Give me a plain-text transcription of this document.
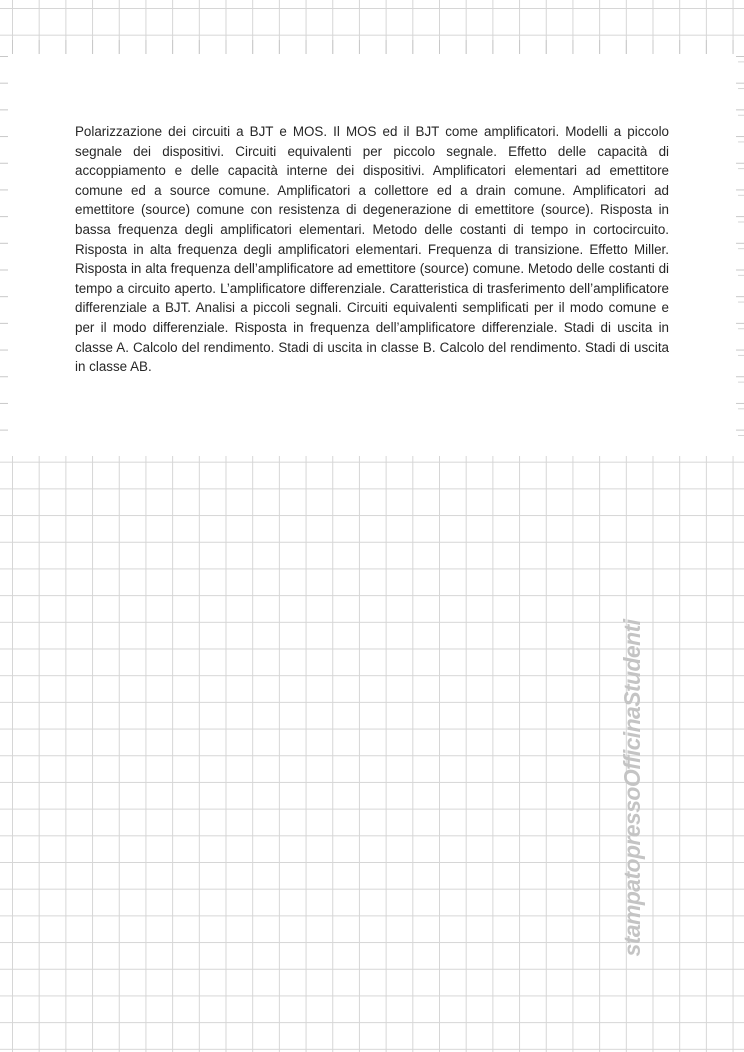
Polarizzazione dei circuiti a BJT e MOS. Il MOS ed il BJT come amplificatori. Modelli a piccolo segnale dei dispositivi. Circuiti equivalenti per piccolo segnale. Effetto delle capacità di accoppiamento e delle capacità interne dei dispositivi. Amplificatori elementari ad emettitore comune ed a source comune. Amplificatori a collettore ed a drain comune. Amplificatori ad emettitore (source) comune con resistenza di degenerazione di emettitore (source). Risposta in bassa frequenza degli amplificatori elementari. Metodo delle costanti di tempo in cortocircuito. Risposta in alta frequenza degli amplificatori elementari. Frequenza di transizione. Effetto Miller. Risposta in alta frequenza dell’amplificatore ad emettitore (source) comune. Metodo delle costanti di tempo a circuito aperto. L’amplificatore differenziale. Caratteristica di trasferimento dell’amplificatore differenziale a BJT. Analisi a piccoli segnali. Circuiti equivalenti semplificati per il modo comune e per il modo differenziale. Risposta in frequenza dell’amplificatore differenziale. Stadi di uscita in classe A. Calcolo del rendimento. Stadi di uscita in classe B. Calcolo del rendimento. Stadi di uscita in classe AB.

stampatopressoOfficinaStudenti
